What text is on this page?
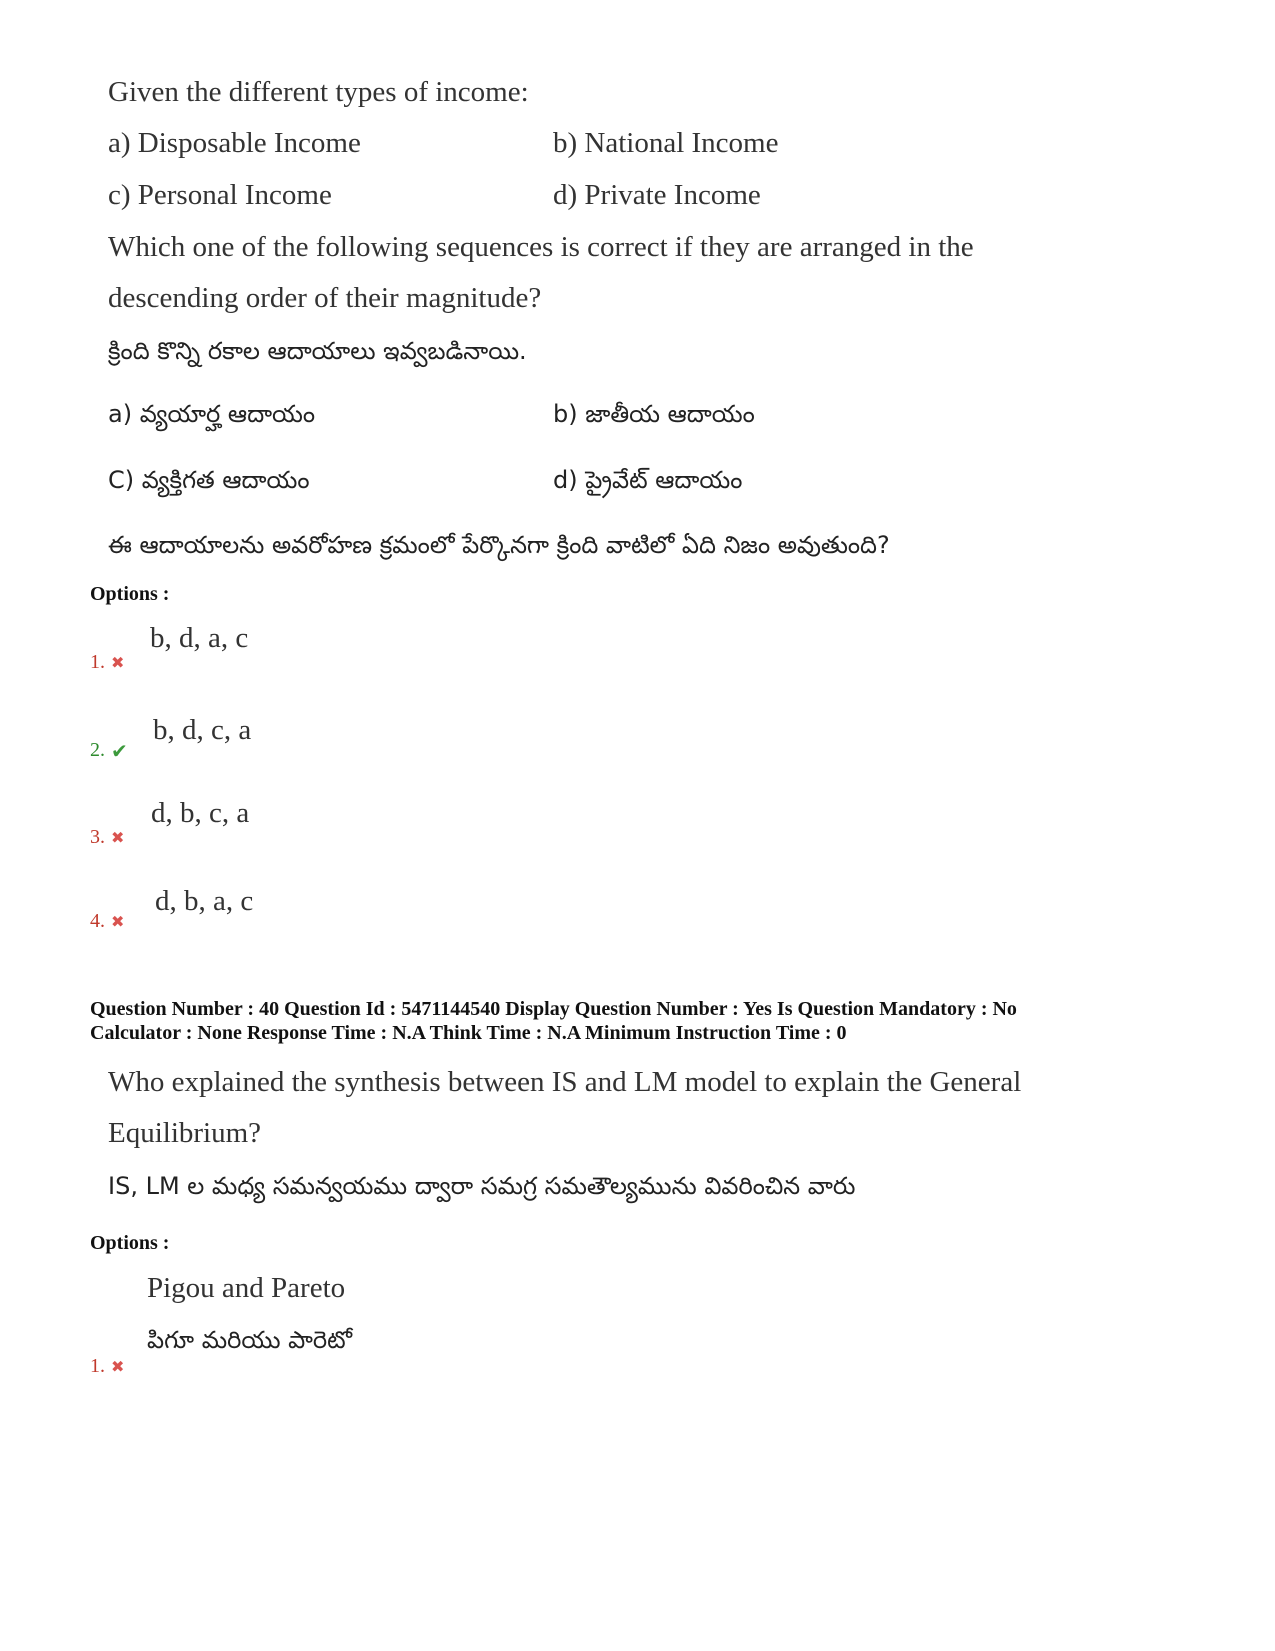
Given the different types of income:
a) Disposable Income	b) National Income
c) Personal Income	d) Private Income
Which one of the following sequences is correct if they are arranged in the
descending order of their magnitude?
క్రింది కొన్ని రకాల ఆదాయాలు ఇవ్వబడినాయి.
a) వ్యయార్హ ఆదాయం	b) జాతీయ ఆదాయం
C) వ్యక్తిగత ఆదాయం	d) ప్రైవేట్ ఆదాయం
ఈ ఆదాయాలను అవరోహణ క్రమంలో పేర్కొనగా క్రింది వాటిలో ఏది నిజం అవుతుంది?
Options :
b, d, a, c
1. ✖
b, d, c, a
2. ✔
d, b, c, a
3. ✖
d, b, a, c
4. ✖
Question Number : 40 Question Id : 5471144540 Display Question Number : Yes Is Question Mandatory : No
Calculator : None Response Time : N.A Think Time : N.A Minimum Instruction Time : 0
Who explained the synthesis between IS and LM model to explain the General
Equilibrium?
IS, LM ల మధ్య సమన్వయము ద్వారా సమగ్ర సమతౌల్యమును వివరించిన వారు
Options :
Pigou and Pareto
పిగూ మరియు పారెటో
1. ✖
